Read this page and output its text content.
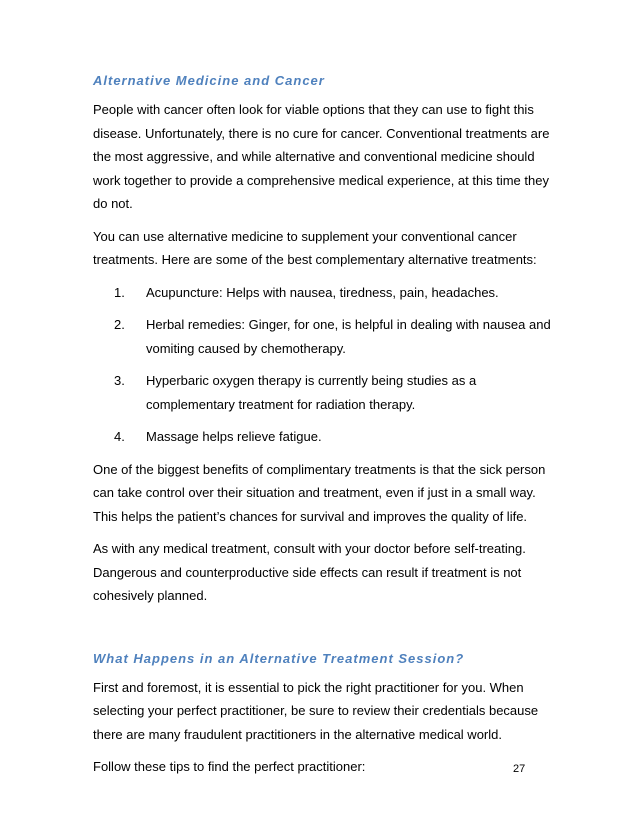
Alternative Medicine and Cancer

People with cancer often look for viable options that they can use to fight this disease. Unfortunately, there is no cure for cancer. Conventional treatments are the most aggressive, and while alternative and conventional medicine should work together to provide a comprehensive medical experience, at this time they do not.

You can use alternative medicine to supplement your conventional cancer treatments. Here are some of the best complementary alternative treatments:

1.	Acupuncture: Helps with nausea, tiredness, pain, headaches.
2.	Herbal remedies: Ginger, for one, is helpful in dealing with nausea and vomiting caused by chemotherapy.
3.	Hyperbaric oxygen therapy is currently being studies as a complementary treatment for radiation therapy.
4.	Massage helps relieve fatigue.

One of the biggest benefits of complimentary treatments is that the sick person can take control over their situation and treatment, even if just in a small way. This helps the patient’s chances for survival and improves the quality of life.

As with any medical treatment, consult with your doctor before self-treating. Dangerous and counterproductive side effects can result if treatment is not cohesively planned.

What Happens in an Alternative Treatment Session?

First and foremost, it is essential to pick the right practitioner for you. When selecting your perfect practitioner, be sure to review their credentials because there are many fraudulent practitioners in the alternative medical world.

Follow these tips to find the perfect practitioner:	27
